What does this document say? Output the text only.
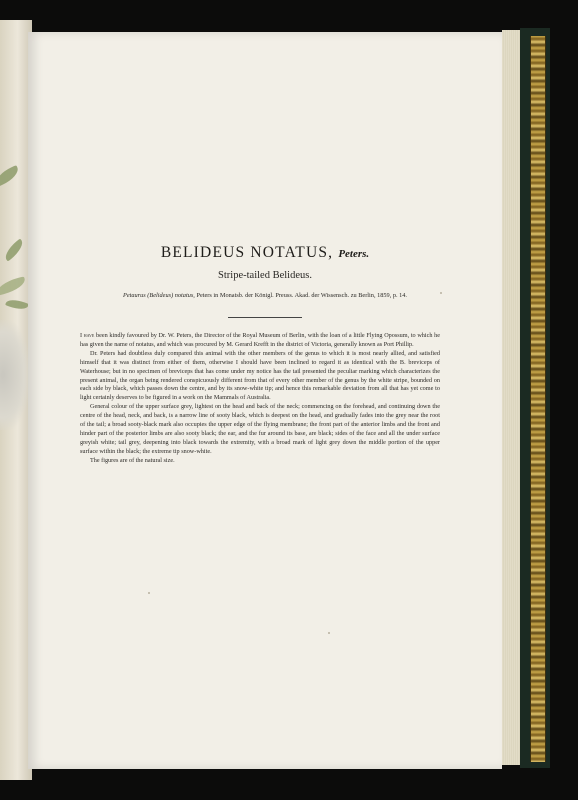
BELIDEUS NOTATUS, Peters.
Stripe-tailed Belideus.
Petaurus (Belideus) notatus, Peters in Monatsb. der Königl. Preuss. Akad. der Wissensch. zu Berlin, 1859, p. 14.

I have been kindly favoured by Dr. W. Peters, the Director of the Royal Museum of Berlin, with the loan of a little Flying Opossum, to which he has given the name of notatus, and which was procured by M. Gerard Krefft in the district of Victoria, generally known as Port Phillip.

Dr. Peters had doubtless duly compared this animal with the other members of the genus to which it is most nearly allied, and satisfied himself that it was distinct from either of them, otherwise I should have been inclined to regard it as identical with the B. breviceps of Waterhouse; but in no specimen of breviceps that has come under my notice has the tail presented the peculiar marking which characterizes the present animal, the organ being rendered conspicuously different from that of every other member of the genus by the white stripe, bounded on each side by black, which passes down the centre, and by its snow-white tip; and hence this remarkable deviation from all that has yet come to light certainly deserves to be figured in a work on the Mammals of Australia.

General colour of the upper surface grey, lightest on the head and back of the neck; commencing on the forehead, and continuing down the centre of the head, neck, and back, is a narrow line of sooty black, which is deepest on the head, and gradually fades into the grey near the root of the tail; a broad sooty-black mark also occupies the upper edge of the flying membrane; the front part of the anterior limbs and the front and hinder part of the posterior limbs are also sooty black; the ear, and the fur around its base, are black; sides of the face and all the under surface greyish white; tail grey, deepening into black towards the extremity, with a broad mark of light grey down the middle portion of the upper surface within the black; the extreme tip snow-white.

The figures are of the natural size.
